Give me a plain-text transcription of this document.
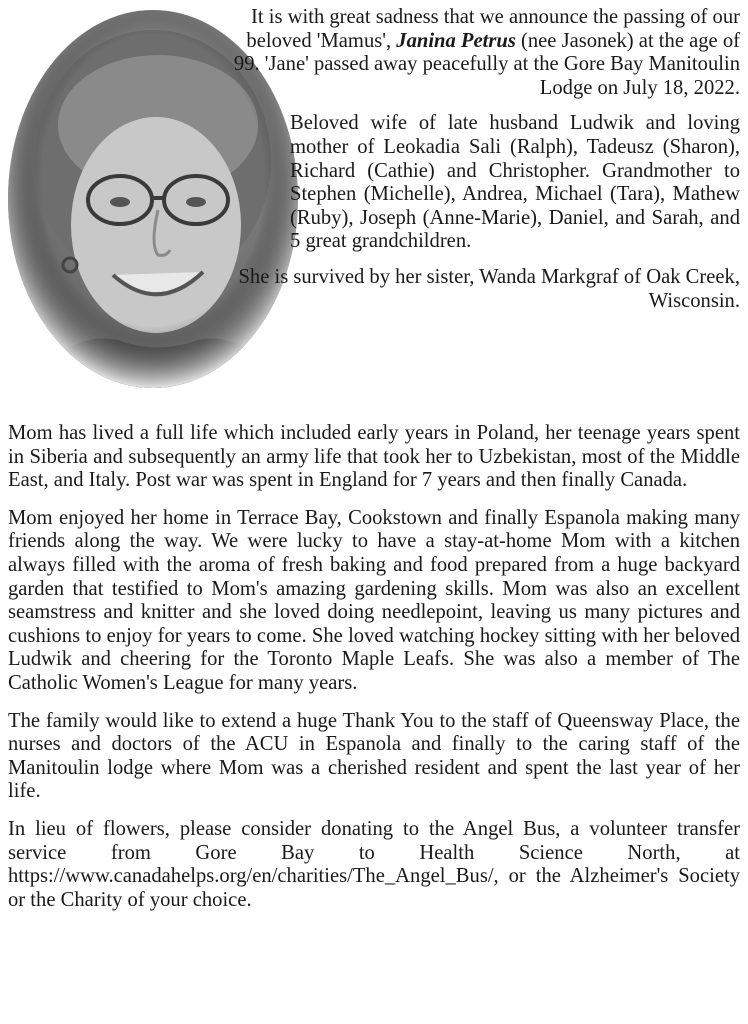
It is with great sadness that we announce the passing of our beloved 'Mamus', Janina Petrus (nee Jasonek) at the age of 99. 'Jane' passed away peacefully at the Gore Bay Manitoulin Lodge on July 18, 2022.

Beloved wife of late husband Ludwik and loving mother of Leokadia Sali (Ralph), Tadeusz (Sharon), Richard (Cathie) and Christopher. Grandmother to Stephen (Michelle), Andrea, Michael (Tara), Mathew (Ruby), Joseph (Anne-Marie), Daniel, and Sarah, and 5 great grandchildren.

She is survived by her sister, Wanda Markgraf of Oak Creek, Wisconsin.

Mom has lived a full life which included early years in Poland, her teenage years spent in Siberia and subsequently an army life that took her to Uzbekistan, most of the Middle East, and Italy. Post war was spent in England for 7 years and then finally Canada.

Mom enjoyed her home in Terrace Bay, Cookstown and finally Espanola making many friends along the way. We were lucky to have a stay-at-home Mom with a kitchen always filled with the aroma of fresh baking and food prepared from a huge backyard garden that testified to Mom's amazing gardening skills. Mom was also an excellent seamstress and knitter and she loved doing needlepoint, leaving us many pictures and cushions to enjoy for years to come. She loved watching hockey sitting with her beloved Ludwik and cheering for the Toronto Maple Leafs. She was also a member of The Catholic Women's League for many years.

The family would like to extend a huge Thank You to the staff of Queensway Place, the nurses and doctors of the ACU in Espanola and finally to the caring staff of the Manitoulin lodge where Mom was a cherished resident and spent the last year of her life.

In lieu of flowers, please consider donating to the Angel Bus, a volunteer transfer service from Gore Bay to Health Science North, at https://www.canadahelps.org/en/charities/The_Angel_Bus/, or the Alzheimer's Society or the Charity of your choice.
